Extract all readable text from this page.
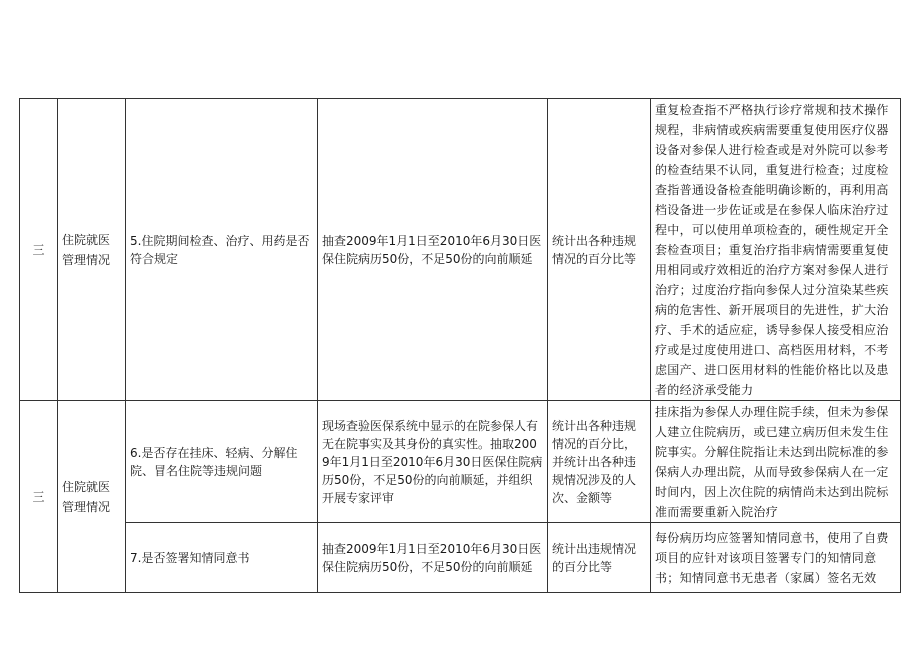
三	住院就医管理情况	5.住院期间检查、治疗、用药是否符合规定	抽查2009年1月1日至2010年6月30日医保住院病历50份，不足50份的向前顺延	统计出各种违规情况的百分比等	重复检查指不严格执行诊疗常规和技术操作规程，非病情或疾病需要重复使用医疗仪器设备对参保人进行检查或是对外院可以参考的检查结果不认同，重复进行检查；过度检查指普通设备检查能明确诊断的，再利用高档设备进一步佐证或是在参保人临床治疗过程中，可以使用单项检查的，硬性规定开全套检查项目；重复治疗指非病情需要重复使用相同或疗效相近的治疗方案对参保人进行治疗；过度治疗指向参保人过分渲染某些疾病的危害性、新开展项目的先进性，扩大治疗、手术的适应症，诱导参保人接受相应治疗或是过度使用进口、高档医用材料，不考虑国产、进口医用材料的性能价格比以及患者的经济承受能力
三	住院就医管理情况	6.是否存在挂床、轻病、分解住院、冒名住院等违规问题	现场查验医保系统中显示的在院参保人有无在院事实及其身份的真实性。抽取2009年1月1日至2010年6月30日医保住院病历50份，不足50份的向前顺延，并组织开展专家评审	统计出各种违规情况的百分比，并统计出各种违规情况涉及的人次、金额等	挂床指为参保人办理住院手续，但未为参保人建立住院病历，或已建立病历但未发生住院事实。分解住院指让未达到出院标准的参保病人办理出院，从而导致参保病人在一定时间内，因上次住院的病情尚未达到出院标准而需要重新入院治疗
		7.是否签署知情同意书	抽查2009年1月1日至2010年6月30日医保住院病历50份，不足50份的向前顺延	统计出违规情况的百分比等	每份病历均应签署知情同意书，使用了自费项目的应针对该项目签署专门的知情同意书；知情同意书无患者（家属）签名无效
